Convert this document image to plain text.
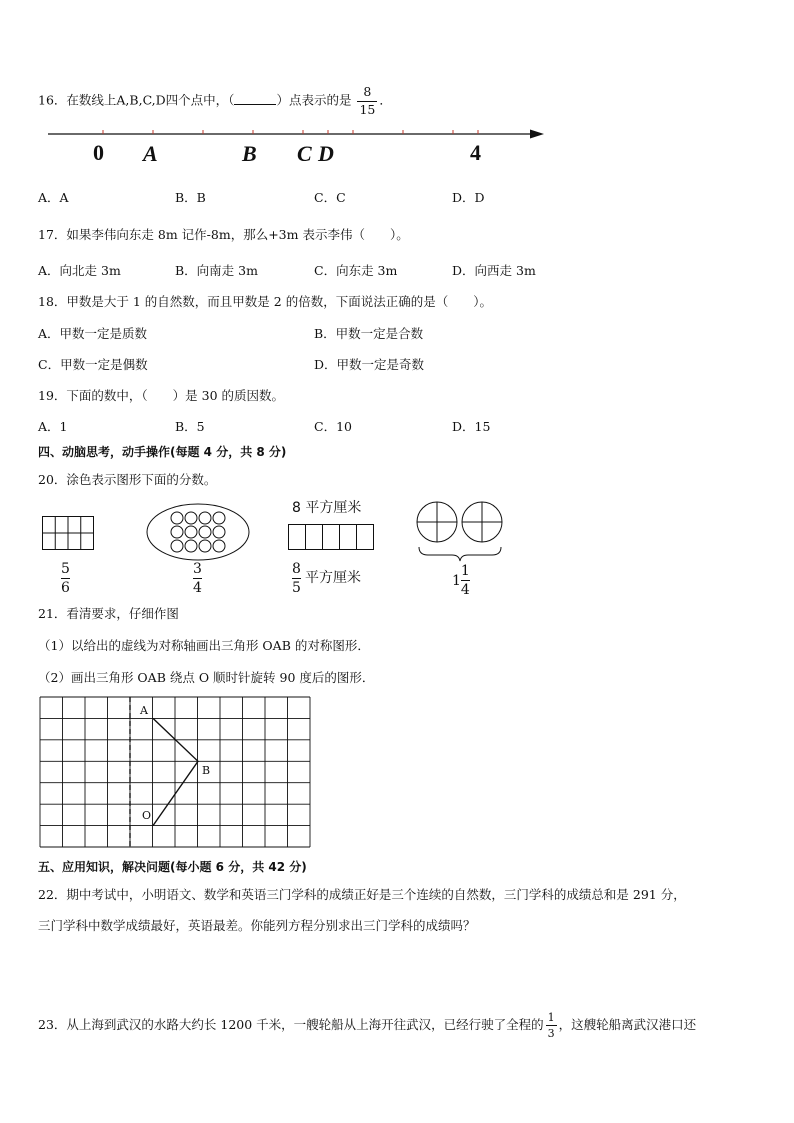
16．在数线上A,B,C,D四个点中，（	）点表示的是 $\frac{8}{15}$ ．
0 A	B C D	4
A．A	B．B	C．C	D．D
17．如果李伟向东走 8m 记作-8m，那么+3m 表示李伟（　　）。
A．向北走 3m	B．向南走 3m	C．向东走 3m	D．向西走 3m
18．甲数是大于 1 的自然数，而且甲数是 2 的倍数，下面说法正确的是（　　）。
A．甲数一定是质数	B．甲数一定是合数
C．甲数一定是偶数	D．甲数一定是奇数
19．下面的数中，（　　）是 30 的质因数。
A．1	B．5	C．10	D．15
四、动脑思考，动手操作(每题 4 分，共 8 分)
20．涂色表示图形下面的分数。
$\frac{5}{6}$	$\frac{3}{4}$
8 平方厘米
$\frac{8}{5}$ 平方厘米	$1 \frac{1}{4}$
21．看清要求，仔细作图
（1）以给出的虚线为对称轴画出三角形 OAB 的对称图形．
（2）画出三角形 OAB 绕点 O 顺时针旋转 90 度后的图形．
A
B
O
五、应用知识，解决问题(每小题 6 分，共 42 分)
22．期中考试中，小明语文、数学和英语三门学科的成绩正好是三个连续的自然数，三门学科的成绩总和是 291 分，
三门学科中数学成绩最好，英语最差。你能列方程分别求出三门学科的成绩吗？
23．从上海到武汉的水路大约长 1200 千米，一艘轮船从上海开往武汉，已经行驶了全程的 $\frac{1}{3}$ ，这艘轮船离武汉港口还
